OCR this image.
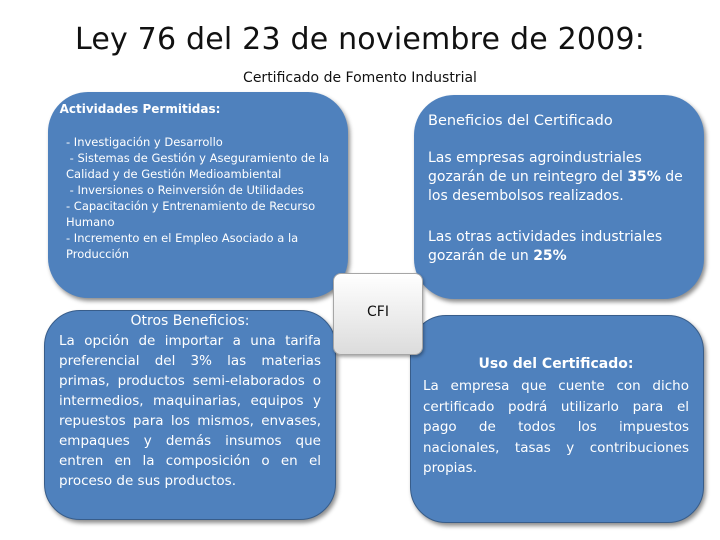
Ley 76 del 23 de noviembre de 2009:
Certificado de Fomento Industrial
Actividades Permitidas:
- Investigación y Desarrollo
- Sistemas de Gestión y Aseguramiento de la Calidad y de Gestión Medioambiental
- Inversiones o Reinversión de Utilidades
- Capacitación y Entrenamiento de Recurso Humano
- Incremento en el Empleo Asociado a la Producción
Beneficios del Certificado
Las empresas agroindustriales gozarán de un reintegro del 35% de los desembolsos realizados.
Las otras actividades industriales gozarán de un 25%
Otros Beneficios:
La opción de importar a una tarifa preferencial del 3% las materias primas, productos semi-elaborados o intermedios, maquinarias, equipos y repuestos para los mismos, envases, empaques y demás insumos que entren en la composición o en el proceso de sus productos.
Uso del Certificado:
La empresa que cuente con dicho certificado podrá utilizarlo para el pago de todos los impuestos nacionales, tasas y contribuciones propias.
CFI
